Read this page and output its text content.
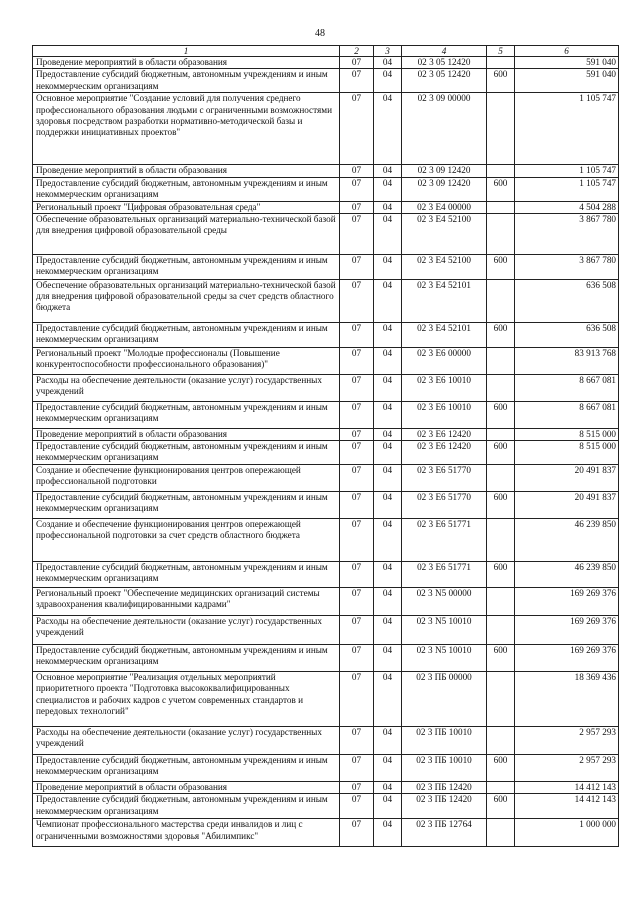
48
1	2	3	4	5	6
Проведение мероприятий в области образования	07	04	02 3 05 12420		591 040
Предоставление субсидий бюджетным, автономным учреждениям и иным некоммерческим организациям	07	04	02 3 05 12420	600	591 040
Основное мероприятие "Создание условий для получения среднего профессионального образования людьми с ограниченными возможностями здоровья посредством разработки нормативно-методической базы и поддержки инициативных проектов"	07	04	02 3 09 00000		1 105 747
Проведение мероприятий в области образования	07	04	02 3 09 12420		1 105 747
Предоставление субсидий бюджетным, автономным учреждениям и иным некоммерческим организациям	07	04	02 3 09 12420	600	1 105 747
Региональный проект "Цифровая образовательная среда"	07	04	02 3 E4 00000		4 504 288
Обеспечение образовательных организаций материально-технической базой для внедрения цифровой образовательной среды	07	04	02 3 E4 52100		3 867 780
Предоставление субсидий бюджетным, автономным учреждениям и иным некоммерческим организациям	07	04	02 3 E4 52100	600	3 867 780
Обеспечение образовательных организаций материально-технической базой для внедрения цифровой образовательной среды за счет средств областного бюджета	07	04	02 3 E4 52101		636 508
Предоставление субсидий бюджетным, автономным учреждениям и иным некоммерческим организациям	07	04	02 3 E4 52101	600	636 508
Региональный проект "Молодые профессионалы (Повышение конкурентоспособности профессионального образования)"	07	04	02 3 E6 00000		83 913 768
Расходы на обеспечение деятельности (оказание услуг) государственных учреждений	07	04	02 3 E6 10010		8 667 081
Предоставление субсидий бюджетным, автономным учреждениям и иным некоммерческим организациям	07	04	02 3 E6 10010	600	8 667 081
Проведение мероприятий в области образования	07	04	02 3 E6 12420		8 515 000
Предоставление субсидий бюджетным, автономным учреждениям и иным некоммерческим организациям	07	04	02 3 E6 12420	600	8 515 000
Создание и обеспечение функционирования центров опережающей профессиональной подготовки	07	04	02 3 E6 51770		20 491 837
Предоставление субсидий бюджетным, автономным учреждениям и иным некоммерческим организациям	07	04	02 3 E6 51770	600	20 491 837
Создание и обеспечение функционирования центров опережающей профессиональной подготовки за счет средств областного бюджета	07	04	02 3 E6 51771		46 239 850
Предоставление субсидий бюджетным, автономным учреждениям и иным некоммерческим организациям	07	04	02 3 E6 51771	600	46 239 850
Региональный проект "Обеспечение медицинских организаций системы здравоохранения квалифицированными кадрами"	07	04	02 3 N5 00000		169 269 376
Расходы на обеспечение деятельности (оказание услуг) государственных учреждений	07	04	02 3 N5 10010		169 269 376
Предоставление субсидий бюджетным, автономным учреждениям и иным некоммерческим организациям	07	04	02 3 N5 10010	600	169 269 376
Основное мероприятие "Реализация отдельных мероприятий приоритетного проекта "Подготовка высококвалифицированных специалистов и рабочих кадров с учетом современных стандартов и передовых технологий"	07	04	02 3 ПБ 00000		18 369 436
Расходы на обеспечение деятельности (оказание услуг) государственных учреждений	07	04	02 3 ПБ 10010		2 957 293
Предоставление субсидий бюджетным, автономным учреждениям и иным некоммерческим организациям	07	04	02 3 ПБ 10010	600	2 957 293
Проведение мероприятий в области образования	07	04	02 3 ПБ 12420		14 412 143
Предоставление субсидий бюджетным, автономным учреждениям и иным некоммерческим организациям	07	04	02 3 ПБ 12420	600	14 412 143
Чемпионат профессионального мастерства среди инвалидов и лиц с ограниченными возможностями здоровья "Абилимпикс"	07	04	02 3 ПБ 12764		1 000 000
